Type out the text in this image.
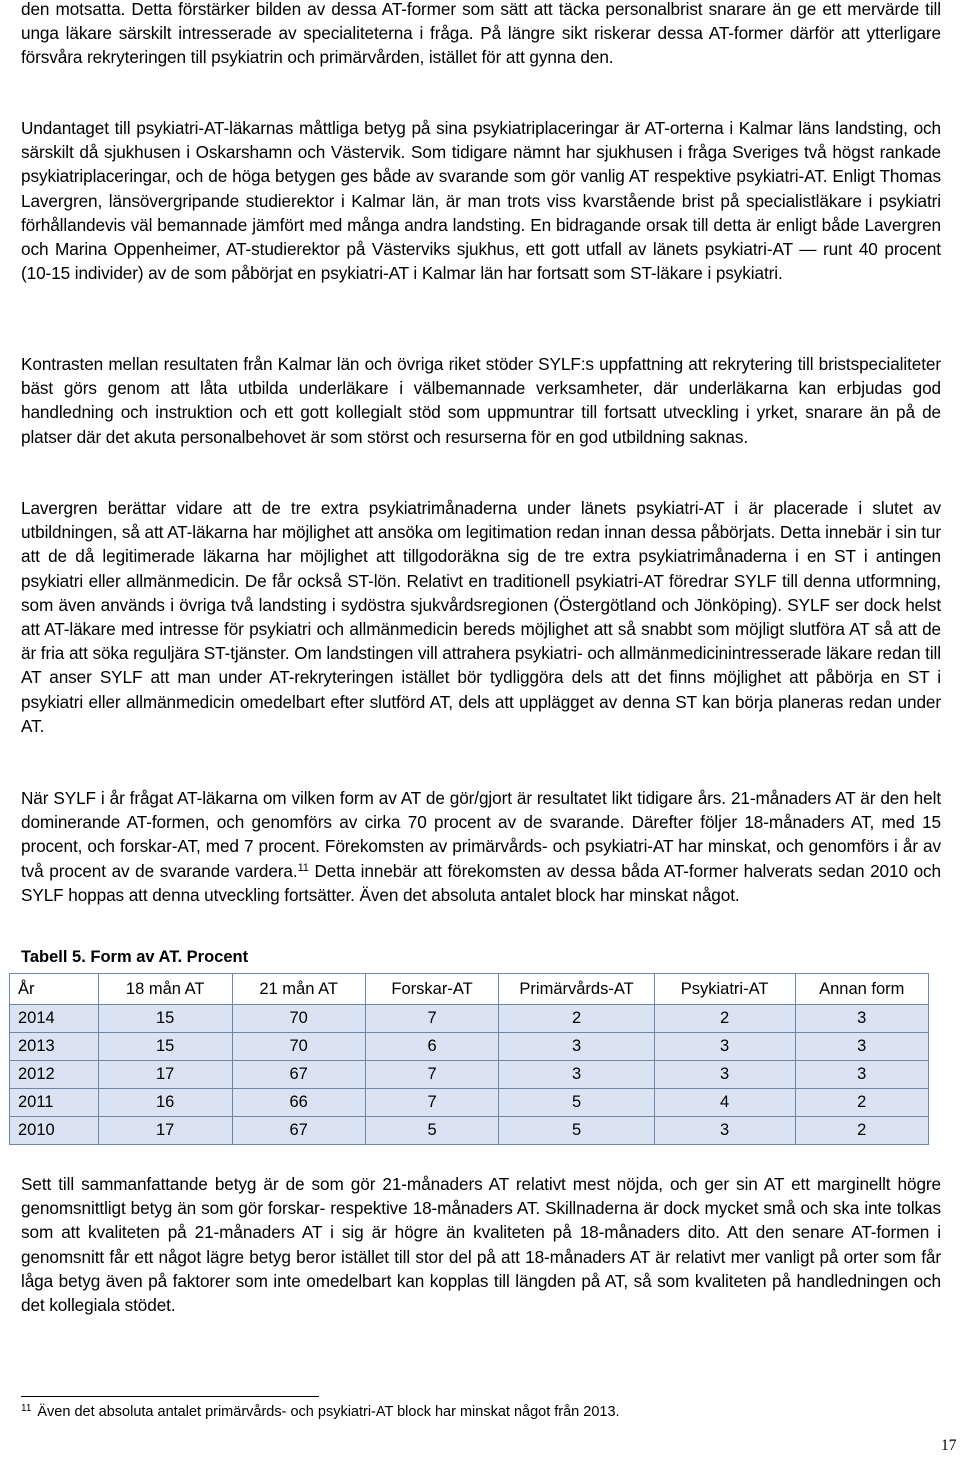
den motsatta. Detta förstärker bilden av dessa AT-former som sätt att täcka personalbrist snarare än ge ett mervärde till unga läkare särskilt intresserade av specialiteterna i fråga. På längre sikt riskerar dessa AT-former därför att ytterligare försvåra rekryteringen till psykiatrin och primärvården, istället för att gynna den.

Undantaget till psykiatri-AT-läkarnas måttliga betyg på sina psykiatriplaceringar är AT-orterna i Kalmar läns landsting, och särskilt då sjukhusen i Oskarshamn och Västervik. Som tidigare nämnt har sjukhusen i fråga Sveriges två högst rankade psykiatriplaceringar, och de höga betygen ges både av svarande som gör vanlig AT respektive psykiatri-AT. Enligt Thomas Lavergren, länsövergripande studierektor i Kalmar län, är man trots viss kvarstående brist på specialistläkare i psykiatri förhållandevis väl bemannade jämfört med många andra landsting. En bidragande orsak till detta är enligt både Lavergren och Marina Oppenheimer, AT-studierektor på Västerviks sjukhus, ett gott utfall av länets psykiatri-AT — runt 40 procent (10-15 individer) av de som påbörjat en psykiatri-AT i Kalmar län har fortsatt som ST-läkare i psykiatri.

Kontrasten mellan resultaten från Kalmar län och övriga riket stöder SYLF:s uppfattning att rekrytering till bristspecialiteter bäst görs genom att låta utbilda underläkare i välbemannade verksamheter, där underläkarna kan erbjudas god handledning och instruktion och ett gott kollegialt stöd som uppmuntrar till fortsatt utveckling i yrket, snarare än på de platser där det akuta personalbehovet är som störst och resurserna för en god utbildning saknas.

Lavergren berättar vidare att de tre extra psykiatrimånaderna under länets psykiatri-AT i är placerade i slutet av utbildningen, så att AT-läkarna har möjlighet att ansöka om legitimation redan innan dessa påbörjats. Detta innebär i sin tur att de då legitimerade läkarna har möjlighet att tillgodoräkna sig de tre extra psykiatrimånaderna i en ST i antingen psykiatri eller allmänmedicin. De får också ST-lön. Relativt en traditionell psykiatri-AT föredrar SYLF till denna utformning, som även används i övriga två landsting i sydöstra sjukvårdsregionen (Östergötland och Jönköping). SYLF ser dock helst att AT-läkare med intresse för psykiatri och allmänmedicin bereds möjlighet att så snabbt som möjligt slutföra AT så att de är fria att söka reguljära ST-tjänster. Om landstingen vill attrahera psykiatri- och allmänmedicinintresserade läkare redan till AT anser SYLF att man under AT-rekryteringen istället bör tydliggöra dels att det finns möjlighet att påbörja en ST i psykiatri eller allmänmedicin omedelbart efter slutförd AT, dels att upplägget av denna ST kan börja planeras redan under AT.

När SYLF i år frågat AT-läkarna om vilken form av AT de gör/gjort är resultatet likt tidigare års. 21-månaders AT är den helt dominerande AT-formen, och genomförs av cirka 70 procent av de svarande. Därefter följer 18-månaders AT, med 15 procent, och forskar-AT, med 7 procent. Förekomsten av primärvårds- och psykiatri-AT har minskat, och genomförs i år av två procent av de svarande vardera.$^{11}$ Detta innebär att förekomsten av dessa båda AT-former halverats sedan 2010 och SYLF hoppas att denna utveckling fortsätter. Även det absoluta antalet block har minskat något.

Tabell 5. Form av AT. Procent
År	18 mån AT	21 mån AT	Forskar-AT	Primärvårds-AT	Psykiatri-AT	Annan form
2014	15	70	7	2	2	3
2013	15	70	6	3	3	3
2012	17	67	7	3	3	3
2011	16	66	7	5	4	2
2010	17	67	5	5	3	2

Sett till sammanfattande betyg är de som gör 21-månaders AT relativt mest nöjda, och ger sin AT ett marginellt högre genomsnittligt betyg än som gör forskar- respektive 18-månaders AT. Skillnaderna är dock mycket små och ska inte tolkas som att kvaliteten på 21-månaders AT i sig är högre än kvaliteten på 18-månaders dito. Att den senare AT-formen i genomsnitt får ett något lägre betyg beror istället till stor del på att 18-månaders AT är relativt mer vanligt på orter som får låga betyg även på faktorer som inte omedelbart kan kopplas till längden på AT, så som kvaliteten på handledningen och det kollegiala stödet.

$^{11}$ Även det absoluta antalet primärvårds- och psykiatri-AT block har minskat något från 2013.
17
